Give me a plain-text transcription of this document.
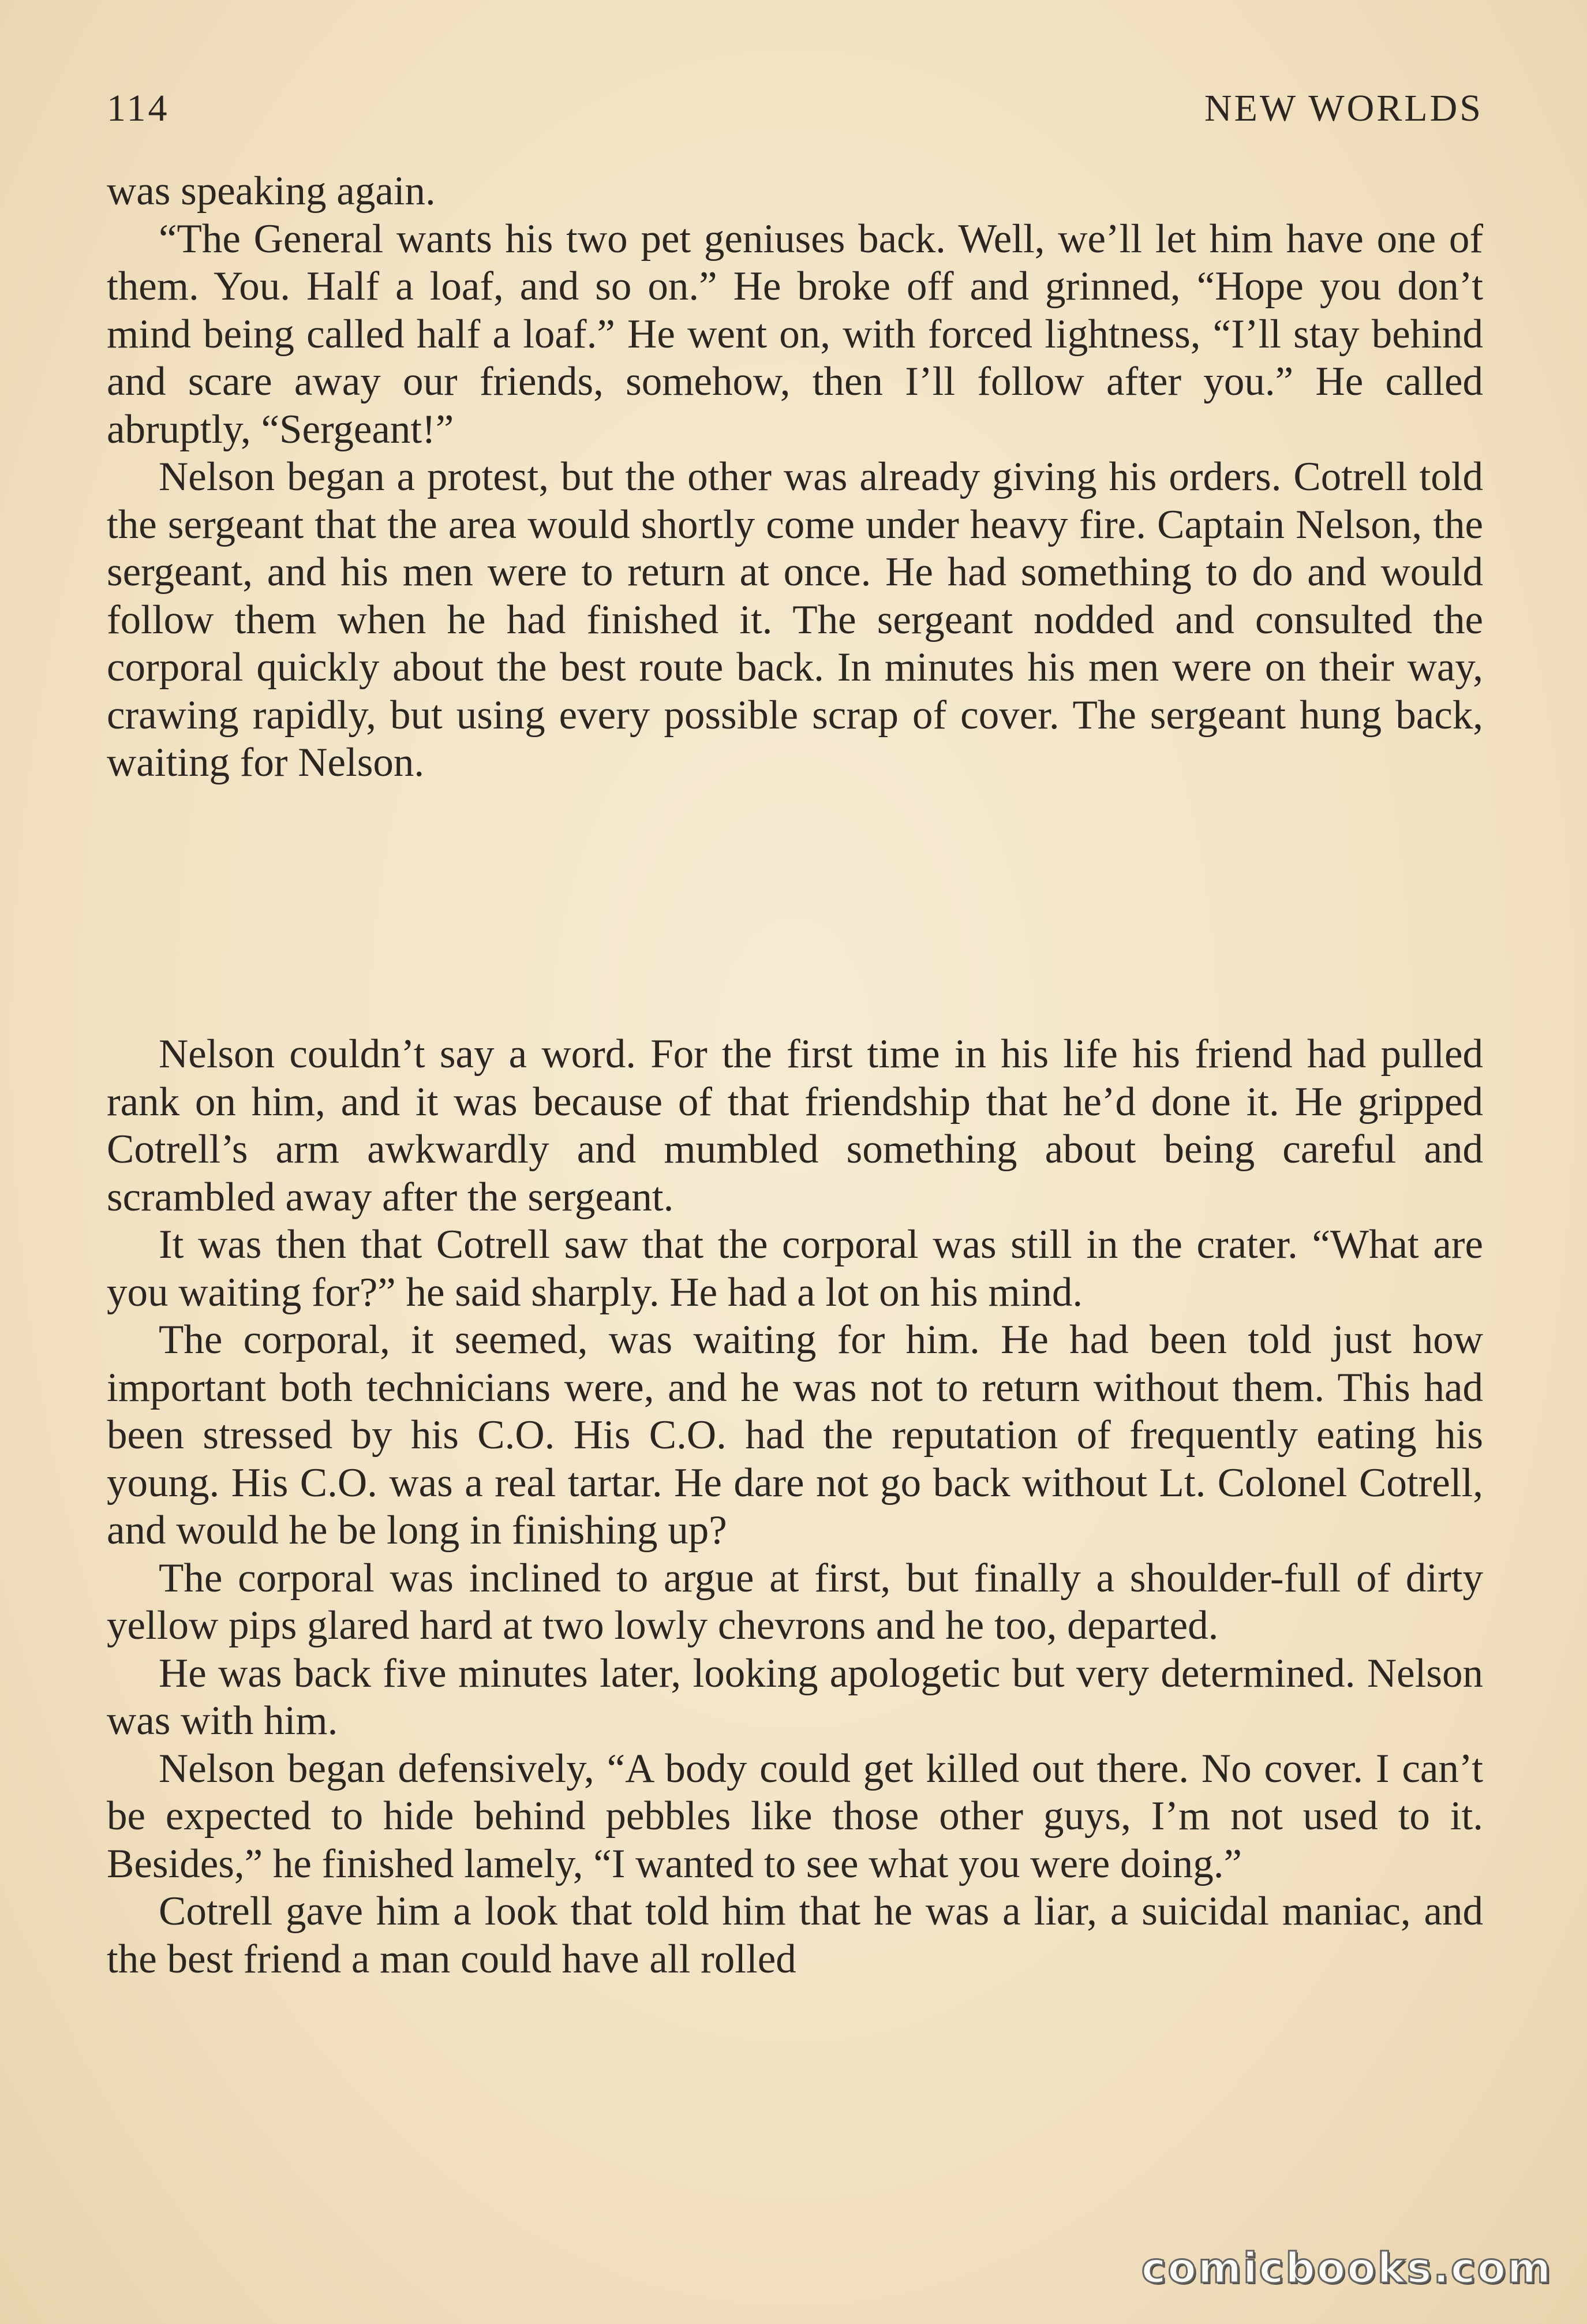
114	NEW WORLDS

was speaking again.

“The General wants his two pet geniuses back. Well, we’ll let him have one of them. You. Half a loaf, and so on.” He broke off and grinned, “Hope you don’t mind being called half a loaf.” He went on, with forced lightness, “I’ll stay behind and scare away our friends, somehow, then I’ll follow after you.” He called abruptly, “Sergeant!”

Nelson began a protest, but the other was already giving his orders. Cotrell told the sergeant that the area would shortly come under heavy fire. Captain Nelson, the sergeant, and his men were to return at once. He had something to do and would follow them when he had finished it. The sergeant nodded and consulted the corporal quickly about the best route back. In minutes his men were on their way, crawing rapidly, but using every possible scrap of cover. The sergeant hung back, waiting for Nelson.

Nelson couldn’t say a word. For the first time in his life his friend had pulled rank on him, and it was because of that friendship that he’d done it. He gripped Cotrell’s arm awkwardly and mumbled something about being careful and scrambled away after the sergeant.

It was then that Cotrell saw that the corporal was still in the crater. “What are you waiting for?” he said sharply. He had a lot on his mind.

The corporal, it seemed, was waiting for him. He had been told just how important both technicians were, and he was not to return without them. This had been stressed by his C.O. His C.O. had the reputation of frequently eating his young. His C.O. was a real tartar. He dare not go back without Lt. Colonel Cotrell, and would he be long in finishing up?

The corporal was inclined to argue at first, but finally a shoulder-full of dirty yellow pips glared hard at two lowly chevrons and he too, departed.

He was back five minutes later, looking apologetic but very determined. Nelson was with him.

Nelson began defensively, “A body could get killed out there. No cover. I can’t be expected to hide behind pebbles like those other guys, I’m not used to it. Besides,” he finished lamely, “I wanted to see what you were doing.”

Cotrell gave him a look that told him that he was a liar, a suicidal maniac, and the best friend a man could have all rolled

comicbooks.com
